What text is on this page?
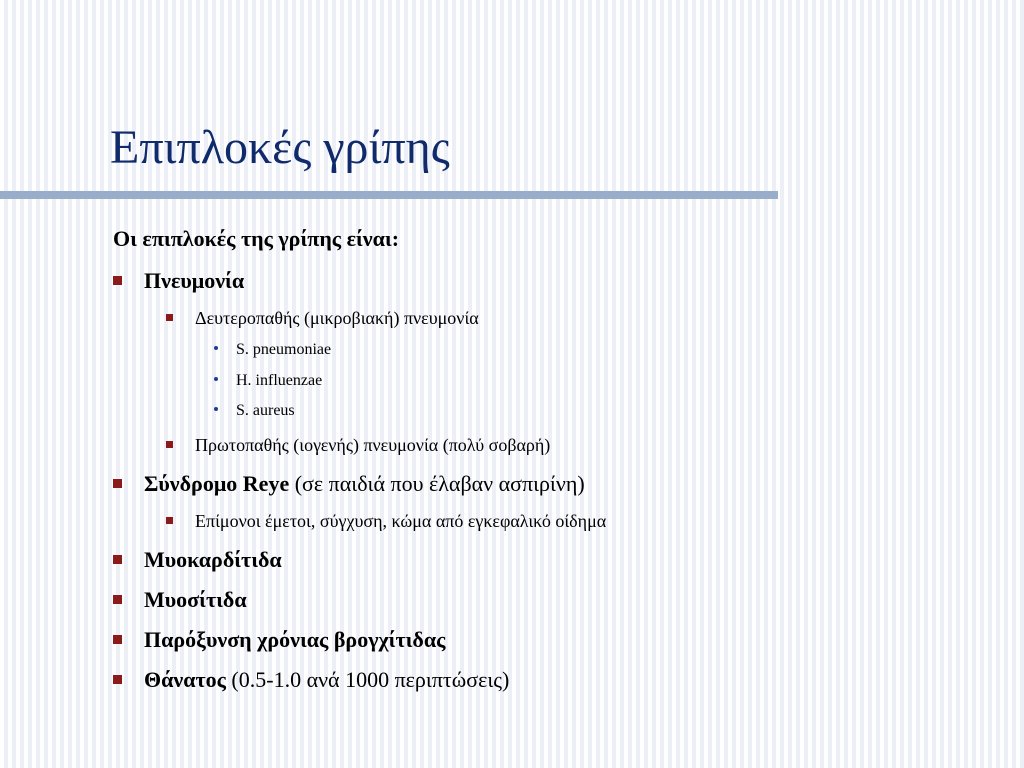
Επιπλοκές γρίπης
Οι επιπλοκές της γρίπης είναι:
Πνευμονία
Δευτεροπαθής (μικροβιακή) πνευμονία
S. pneumoniae
H. influenzae
S. aureus
Πρωτοπαθής (ιογενής) πνευμονία (πολύ σοβαρή)
Σύνδρομο Reye (σε παιδιά που έλαβαν ασπιρίνη)
Επίμονοι έμετοι, σύγχυση, κώμα από εγκεφαλικό οίδημα
Μυοκαρδίτιδα
Μυοσίτιδα
Παρόξυνση χρόνιας βρογχίτιδας
Θάνατος (0.5-1.0 ανά 1000 περιπτώσεις)
